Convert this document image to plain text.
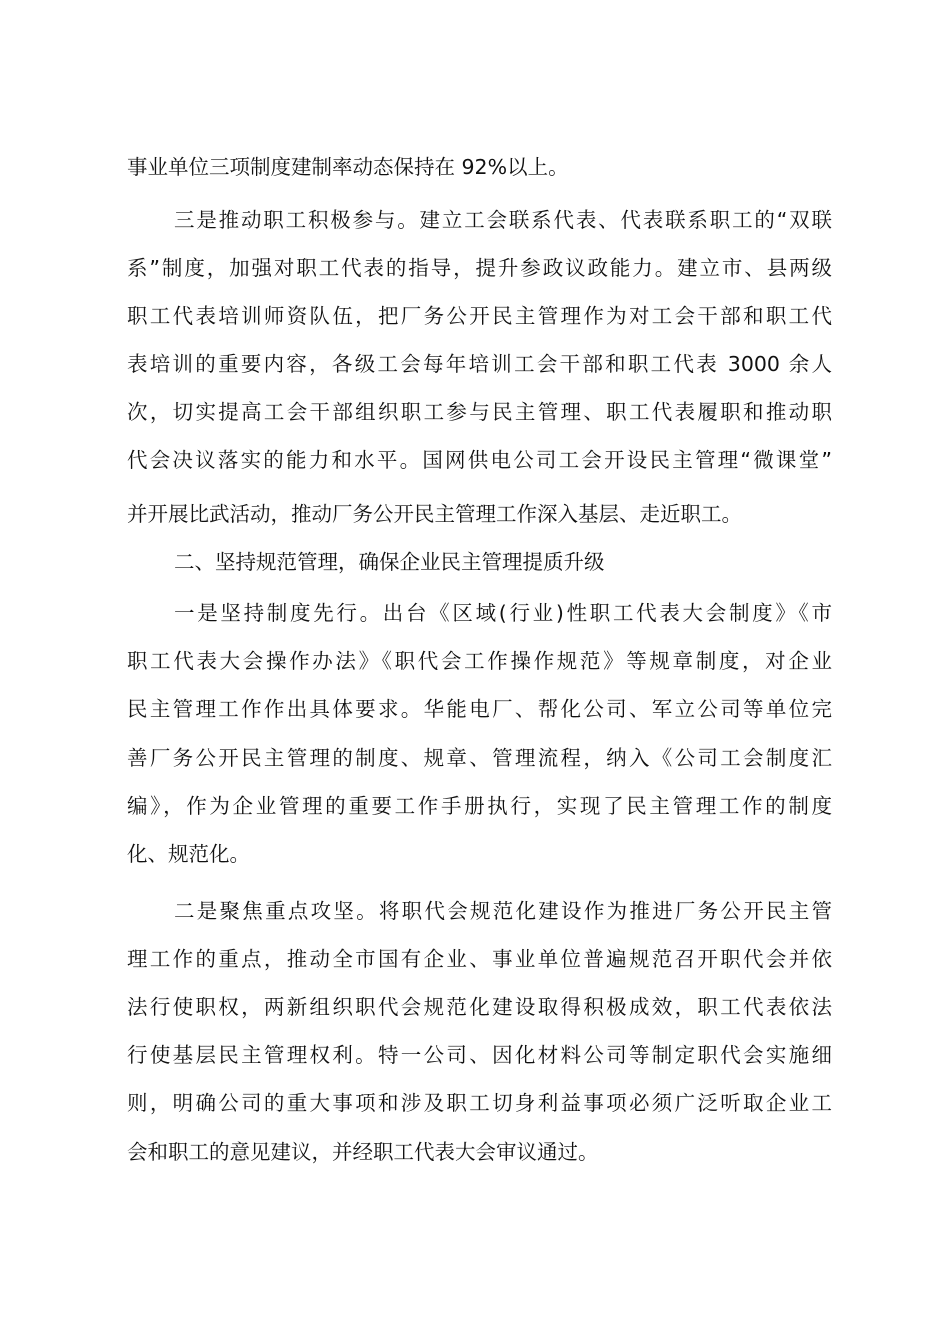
事业单位三项制度建制率动态保持在 92%以上。
三是推动职工积极参与。建立工会联系代表、代表联系职工的“双联
系”制度，加强对职工代表的指导，提升参政议政能力。建立市、县两级
职工代表培训师资队伍，把厂务公开民主管理作为对工会干部和职工代
表培训的重要内容，各级工会每年培训工会干部和职工代表 3000 余人
次，切实提高工会干部组织职工参与民主管理、职工代表履职和推动职
代会决议落实的能力和水平。国网供电公司工会开设民主管理“微课堂”
并开展比武活动，推动厂务公开民主管理工作深入基层、走近职工。
二、坚持规范管理，确保企业民主管理提质升级
一是坚持制度先行。出台《区域(行业)性职工代表大会制度》《市
职工代表大会操作办法》《职代会工作操作规范》等规章制度，对企业
民主管理工作作出具体要求。华能电厂、帮化公司、军立公司等单位完
善厂务公开民主管理的制度、规章、管理流程，纳入《公司工会制度汇
编》，作为企业管理的重要工作手册执行，实现了民主管理工作的制度
化、规范化。
二是聚焦重点攻坚。将职代会规范化建设作为推进厂务公开民主管
理工作的重点，推动全市国有企业、事业单位普遍规范召开职代会并依
法行使职权，两新组织职代会规范化建设取得积极成效，职工代表依法
行使基层民主管理权利。特一公司、因化材料公司等制定职代会实施细
则，明确公司的重大事项和涉及职工切身利益事项必须广泛听取企业工
会和职工的意见建议，并经职工代表大会审议通过。
